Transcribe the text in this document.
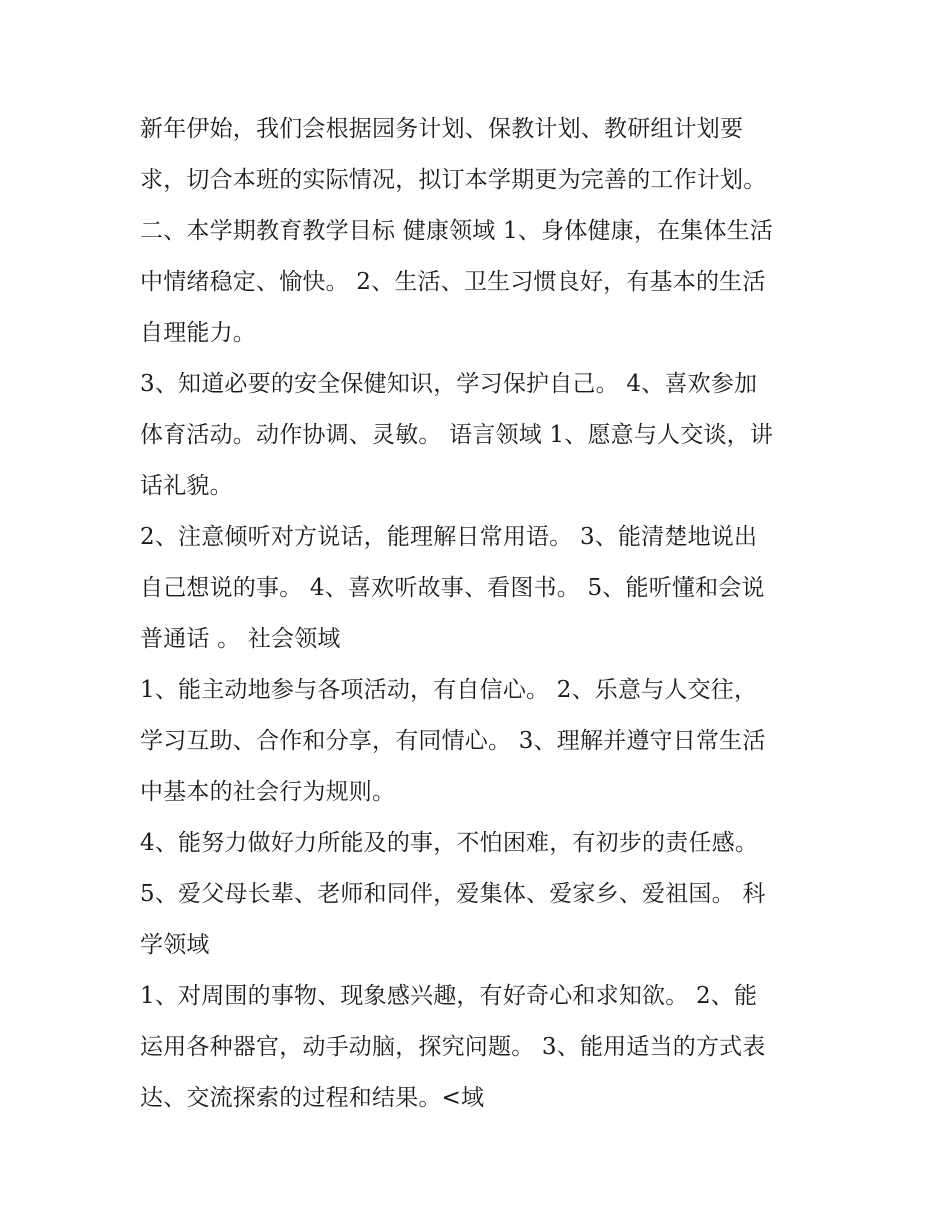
新年伊始，我们会根据园务计划、保教计划、教研组计划要
求，切合本班的实际情况，拟订本学期更为完善的工作计划。
二、本学期教育教学目标 健康领域 1、身体健康，在集体生活
中情绪稳定、愉快。 2、生活、卫生习惯良好，有基本的生活
自理能力。
3、知道必要的安全保健知识，学习保护自己。 4、喜欢参加
体育活动。动作协调、灵敏。 语言领域 1、愿意与人交谈，讲
话礼貌。
2、注意倾听对方说话，能理解日常用语。 3、能清楚地说出
自己想说的事。 4、喜欢听故事、看图书。 5、能听懂和会说
普通话 。 社会领域
1、能主动地参与各项活动，有自信心。 2、乐意与人交往，
学习互助、合作和分享，有同情心。 3、理解并遵守日常生活
中基本的社会行为规则。
4、能努力做好力所能及的事，不怕困难，有初步的责任感。
5、爱父母长辈、老师和同伴，爱集体、爱家乡、爱祖国。 科
学领域
1、对周围的事物、现象感兴趣，有好奇心和求知欲。 2、能
运用各种器官，动手动脑，探究问题。 3、能用适当的方式表
达、交流探索的过程和结果。<域
